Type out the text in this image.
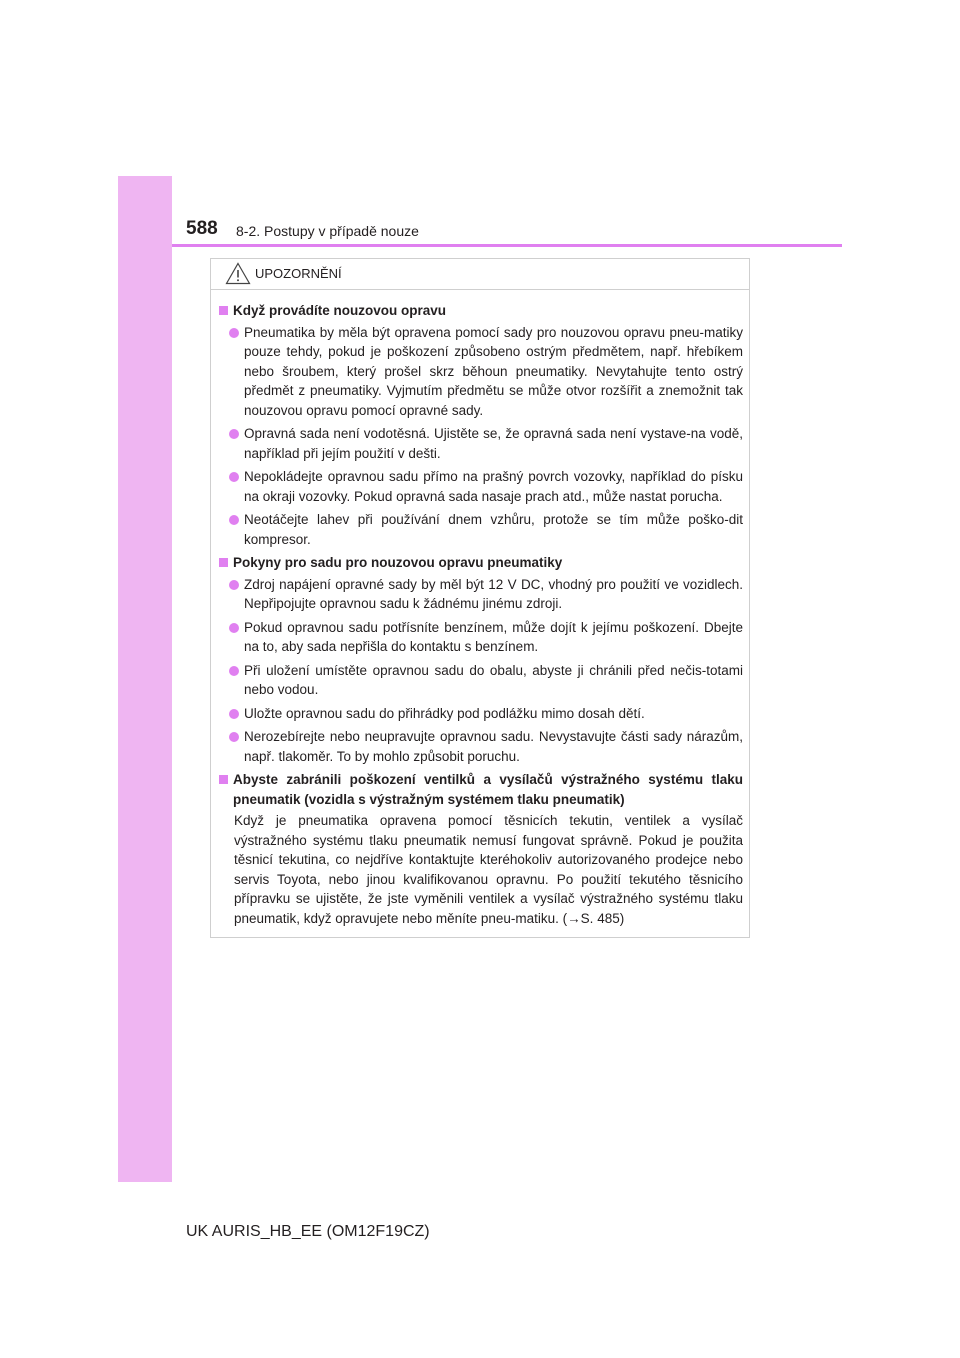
588 8-2. Postupy v případě nouze
UPOZORNĚNÍ
Když provádíte nouzovou opravu
Pneumatika by měla být opravena pomocí sady pro nouzovou opravu pneu-matiky pouze tehdy, pokud je poškození způsobeno ostrým předmětem, např. hřebíkem nebo šroubem, který prošel skrz běhoun pneumatiky. Nevytahujte tento ostrý předmět z pneumatiky. Vyjmutím předmětu se může otvor rozšířit a znemožnit tak nouzovou opravu pomocí opravné sady.
Opravná sada není vodotěsná. Ujistěte se, že opravná sada není vystave-na vodě, například při jejím použití v dešti.
Nepokládejte opravnou sadu přímo na prašný povrch vozovky, například do písku na okraji vozovky. Pokud opravná sada nasaje prach atd., může nastat porucha.
Neotáčejte lahev při používání dnem vzhůru, protože se tím může poško-dit kompresor.
Pokyny pro sadu pro nouzovou opravu pneumatiky
Zdroj napájení opravné sady by měl být 12 V DC, vhodný pro použití ve vozidlech. Nepřipojujte opravnou sadu k žádnému jinému zdroji.
Pokud opravnou sadu potřísníte benzínem, může dojít k jejímu poškození. Dbejte na to, aby sada nepřišla do kontaktu s benzínem.
Při uložení umístěte opravnou sadu do obalu, abyste ji chránili před nečis-totami nebo vodou.
Uložte opravnou sadu do přihrádky pod podlážku mimo dosah dětí.
Nerozebírejte nebo neupravujte opravnou sadu. Nevystavujte části sady nárazům, např. tlakoměr. To by mohlo způsobit poruchu.
Abyste zabránili poškození ventilků a vysílačů výstražného systému tlaku pneumatik (vozidla s výstražným systémem tlaku pneumatik)
Když je pneumatika opravena pomocí těsnicích tekutin, ventilek a vysílač výstražného systému tlaku pneumatik nemusí fungovat správně. Pokud je použita těsnicí tekutina, co nejdříve kontaktujte kteréhokoliv autorizovaného prodejce nebo servis Toyota, nebo jinou kvalifikovanou opravnu. Po použití tekutého těsnicího přípravku se ujistěte, že jste vyměnili ventilek a vysílač výstražného systému tlaku pneumatik, když opravujete nebo měníte pneu-matiku. (→S. 485)
UK AURIS_HB_EE (OM12F19CZ)
